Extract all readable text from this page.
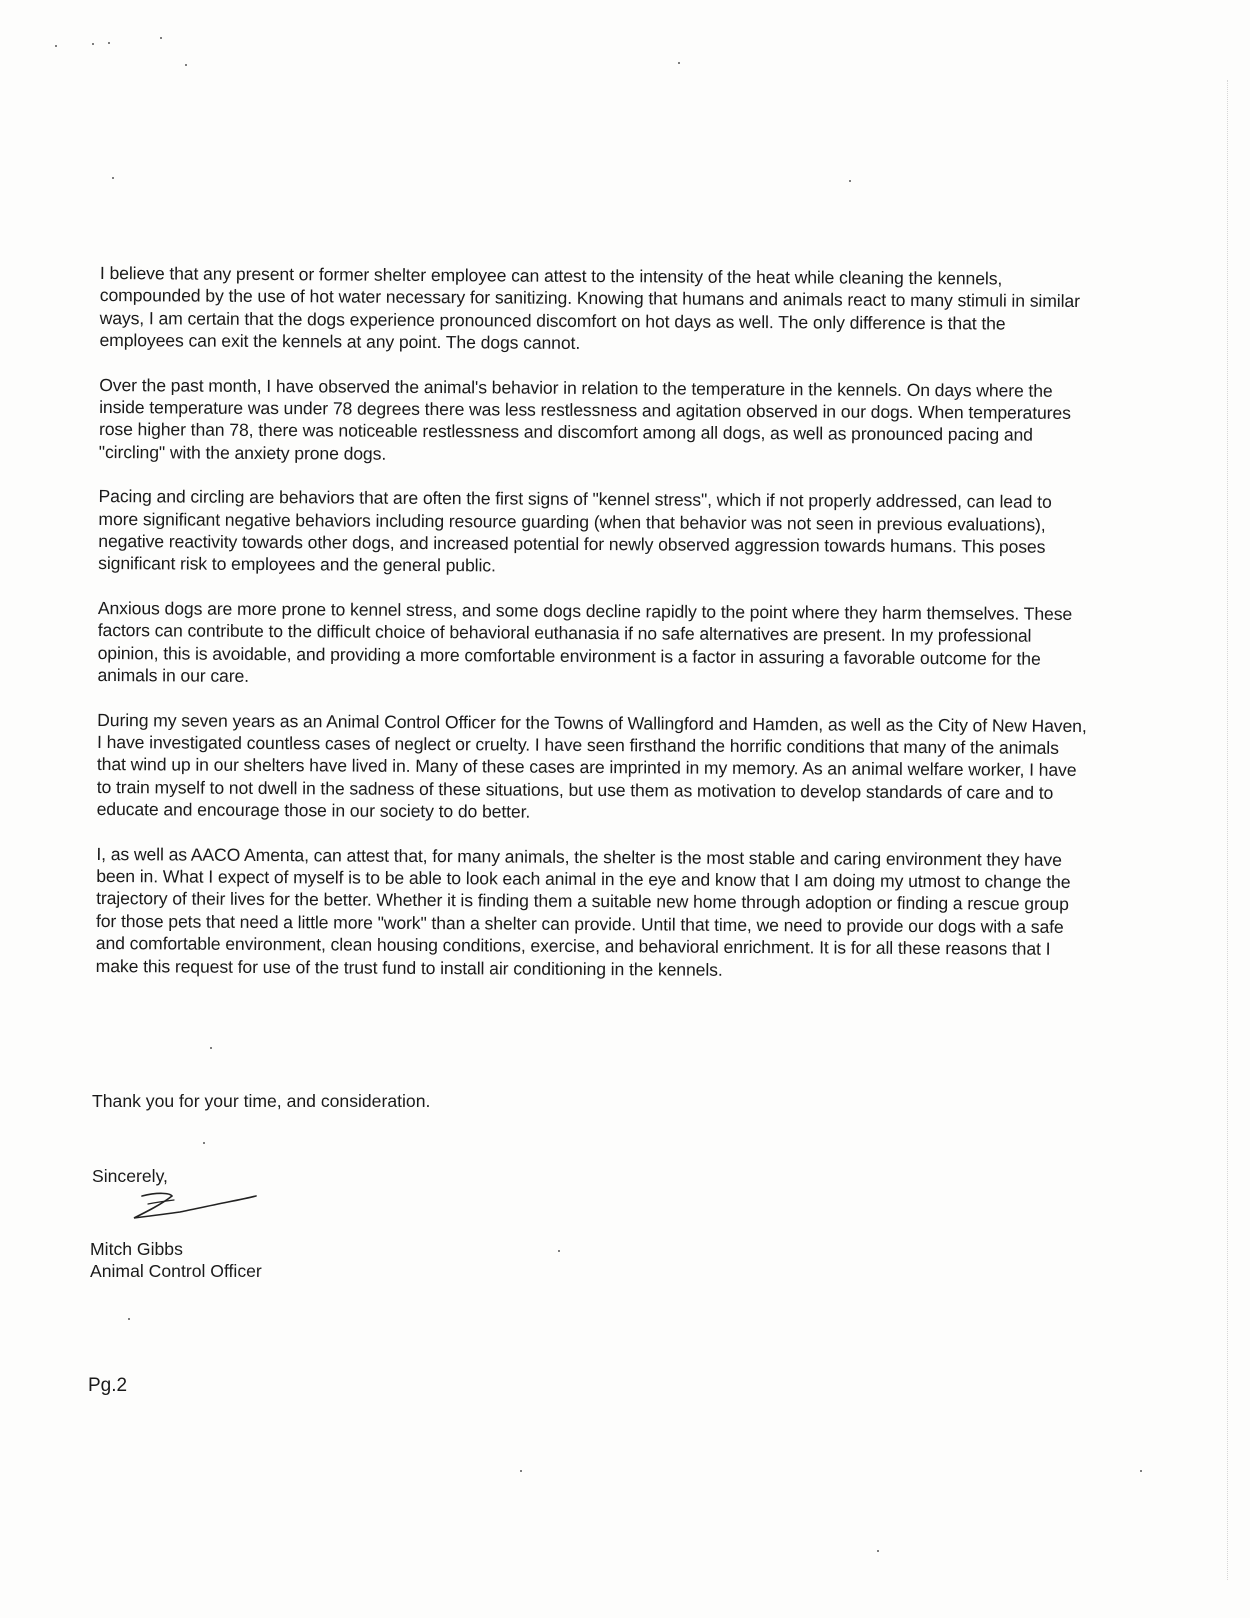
I believe that any present or former shelter employee can attest to the intensity of the heat while cleaning the kennels, compounded by the use of hot water necessary for sanitizing. Knowing that humans and animals react to many stimuli in similar ways, I am certain that the dogs experience pronounced discomfort on hot days as well. The only difference is that the employees can exit the kennels at any point. The dogs cannot.

Over the past month, I have observed the animal's behavior in relation to the temperature in the kennels. On days where the inside temperature was under 78 degrees there was less restlessness and agitation observed in our dogs. When temperatures rose higher than 78, there was noticeable restlessness and discomfort among all dogs, as well as pronounced pacing and "circling" with the anxiety prone dogs.

Pacing and circling are behaviors that are often the first signs of "kennel stress", which if not properly addressed, can lead to more significant negative behaviors including resource guarding (when that behavior was not seen in previous evaluations), negative reactivity towards other dogs, and increased potential for newly observed aggression towards humans. This poses significant risk to employees and the general public.

Anxious dogs are more prone to kennel stress, and some dogs decline rapidly to the point where they harm themselves. These factors can contribute to the difficult choice of behavioral euthanasia if no safe alternatives are present. In my professional opinion, this is avoidable, and providing a more comfortable environment is a factor in assuring a favorable outcome for the animals in our care.

During my seven years as an Animal Control Officer for the Towns of Wallingford and Hamden, as well as the City of New Haven, I have investigated countless cases of neglect or cruelty. I have seen firsthand the horrific conditions that many of the animals that wind up in our shelters have lived in. Many of these cases are imprinted in my memory. As an animal welfare worker, I have to train myself to not dwell in the sadness of these situations, but use them as motivation to develop standards of care and to educate and encourage those in our society to do better.

I, as well as AACO Amenta, can attest that, for many animals, the shelter is the most stable and caring environment they have been in. What I expect of myself is to be able to look each animal in the eye and know that I am doing my utmost to change the trajectory of their lives for the better. Whether it is finding them a suitable new home through adoption or finding a rescue group for those pets that need a little more "work" than a shelter can provide. Until that time, we need to provide our dogs with a safe and comfortable environment, clean housing conditions, exercise, and behavioral enrichment. It is for all these reasons that I make this request for use of the trust fund to install air conditioning in the kennels.

Thank you for your time, and consideration.
Sincerely,
Mitch Gibbs
Animal Control Officer
Pg.2
